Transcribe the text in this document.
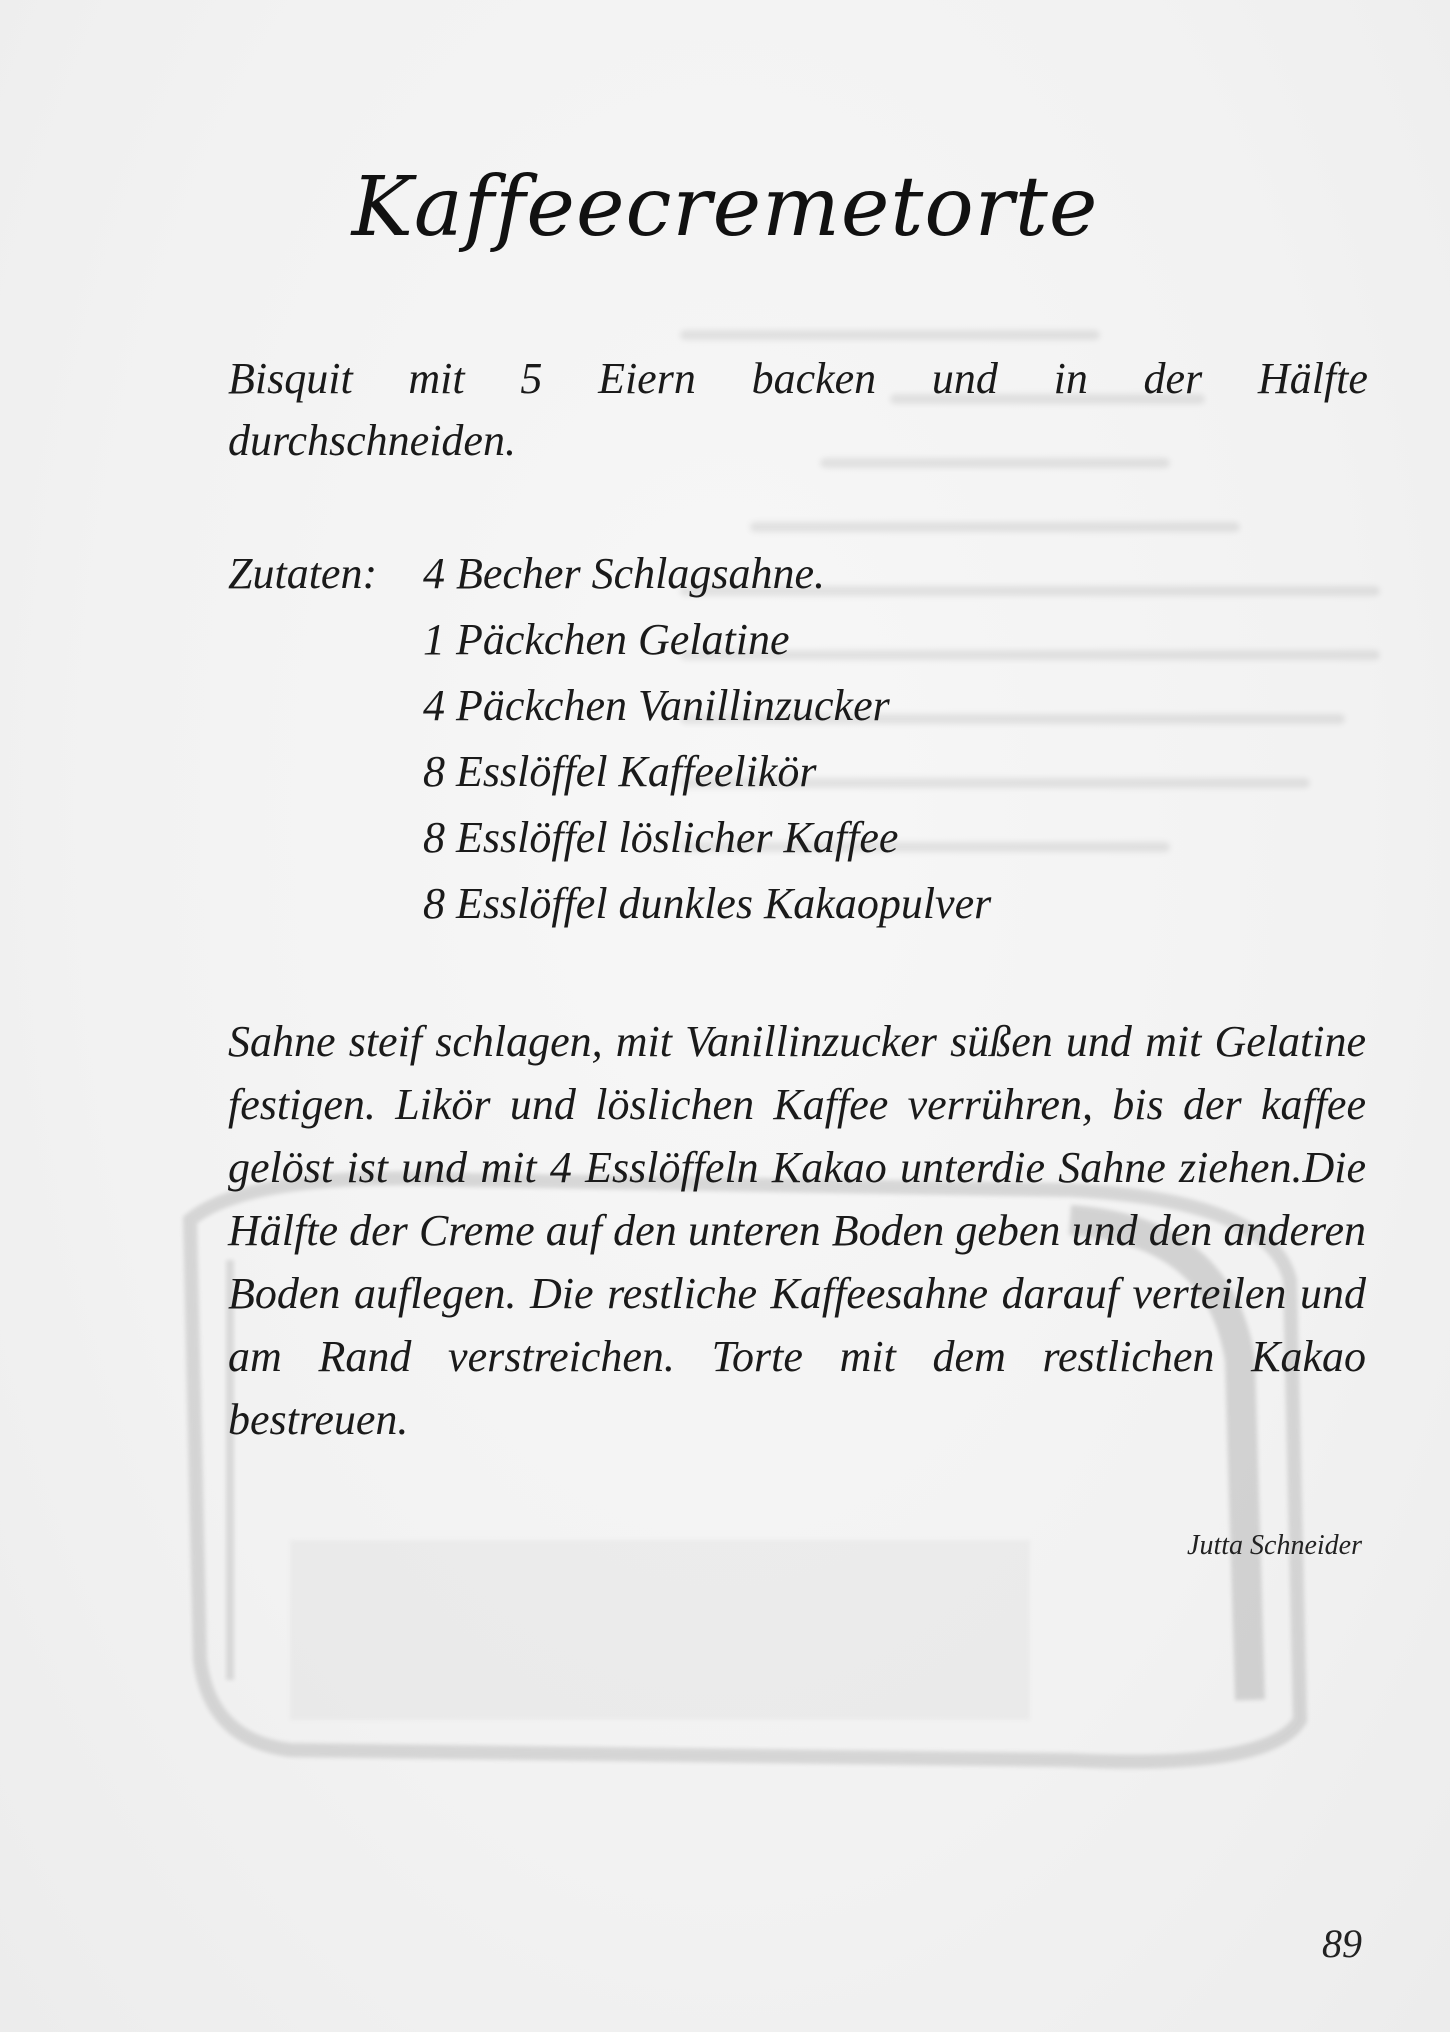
Kaffeecremetorte
Bisquit mit 5 Eiern backen und in der Hälfte
durchschneiden.
Zutaten:	4 Becher Schlagsahne.
1 Päckchen Gelatine
4 Päckchen Vanillinzucker
8 Esslöffel Kaffeelikör
8 Esslöffel löslicher Kaffee
8 Esslöffel dunkles Kakaopulver
Sahne steif schlagen, mit Vanillinzucker süßen und mit Gelatine festigen. Likör und löslichen Kaffee verrühren, bis der kaffee gelöst ist und mit 4 Esslöffeln Kakao unterdie Sahne ziehen.Die Hälfte der Creme auf den unteren Boden geben und den anderen Boden auflegen. Die restliche Kaffeesahne darauf verteilen und am Rand verstreichen. Torte mit dem restlichen Kakao bestreuen.
Jutta Schneider
89
